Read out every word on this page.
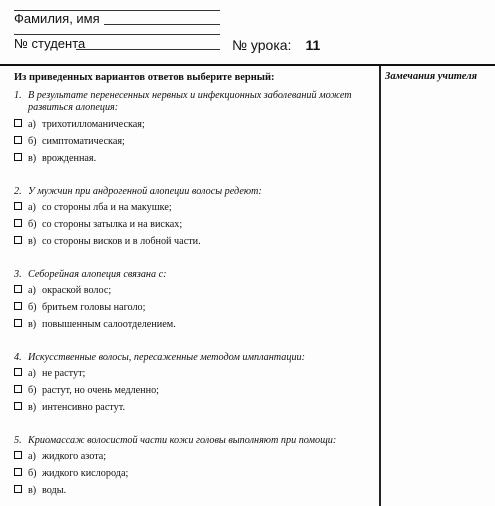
Фамилия, имя
№ студента	№ урока: 11
Замечания учителя
Из приведенных вариантов ответов выберите верный:
1. В результате перенесенных нервных и инфекционных заболеваний может развиться алопеция:
а) трихотилломаническая;
б) симптоматическая;
в) врожденная.
2. У мужчин при андрогенной алопеции волосы редеют:
а) со стороны лба и на макушке;
б) со стороны затылка и на висках;
в) со стороны висков и в лобной части.
3. Себорейная алопеция связана с:
а) окраской волос;
б) бритьем головы наголо;
в) повышенным салоотделением.
4. Искусственные волосы, пересаженные методом имплантации:
а) не растут;
б) растут, но очень медленно;
в) интенсивно растут.
5. Криомассаж волосистой части кожи головы выполняют при помощи:
а) жидкого азота;
б) жидкого кислорода;
в) воды.
